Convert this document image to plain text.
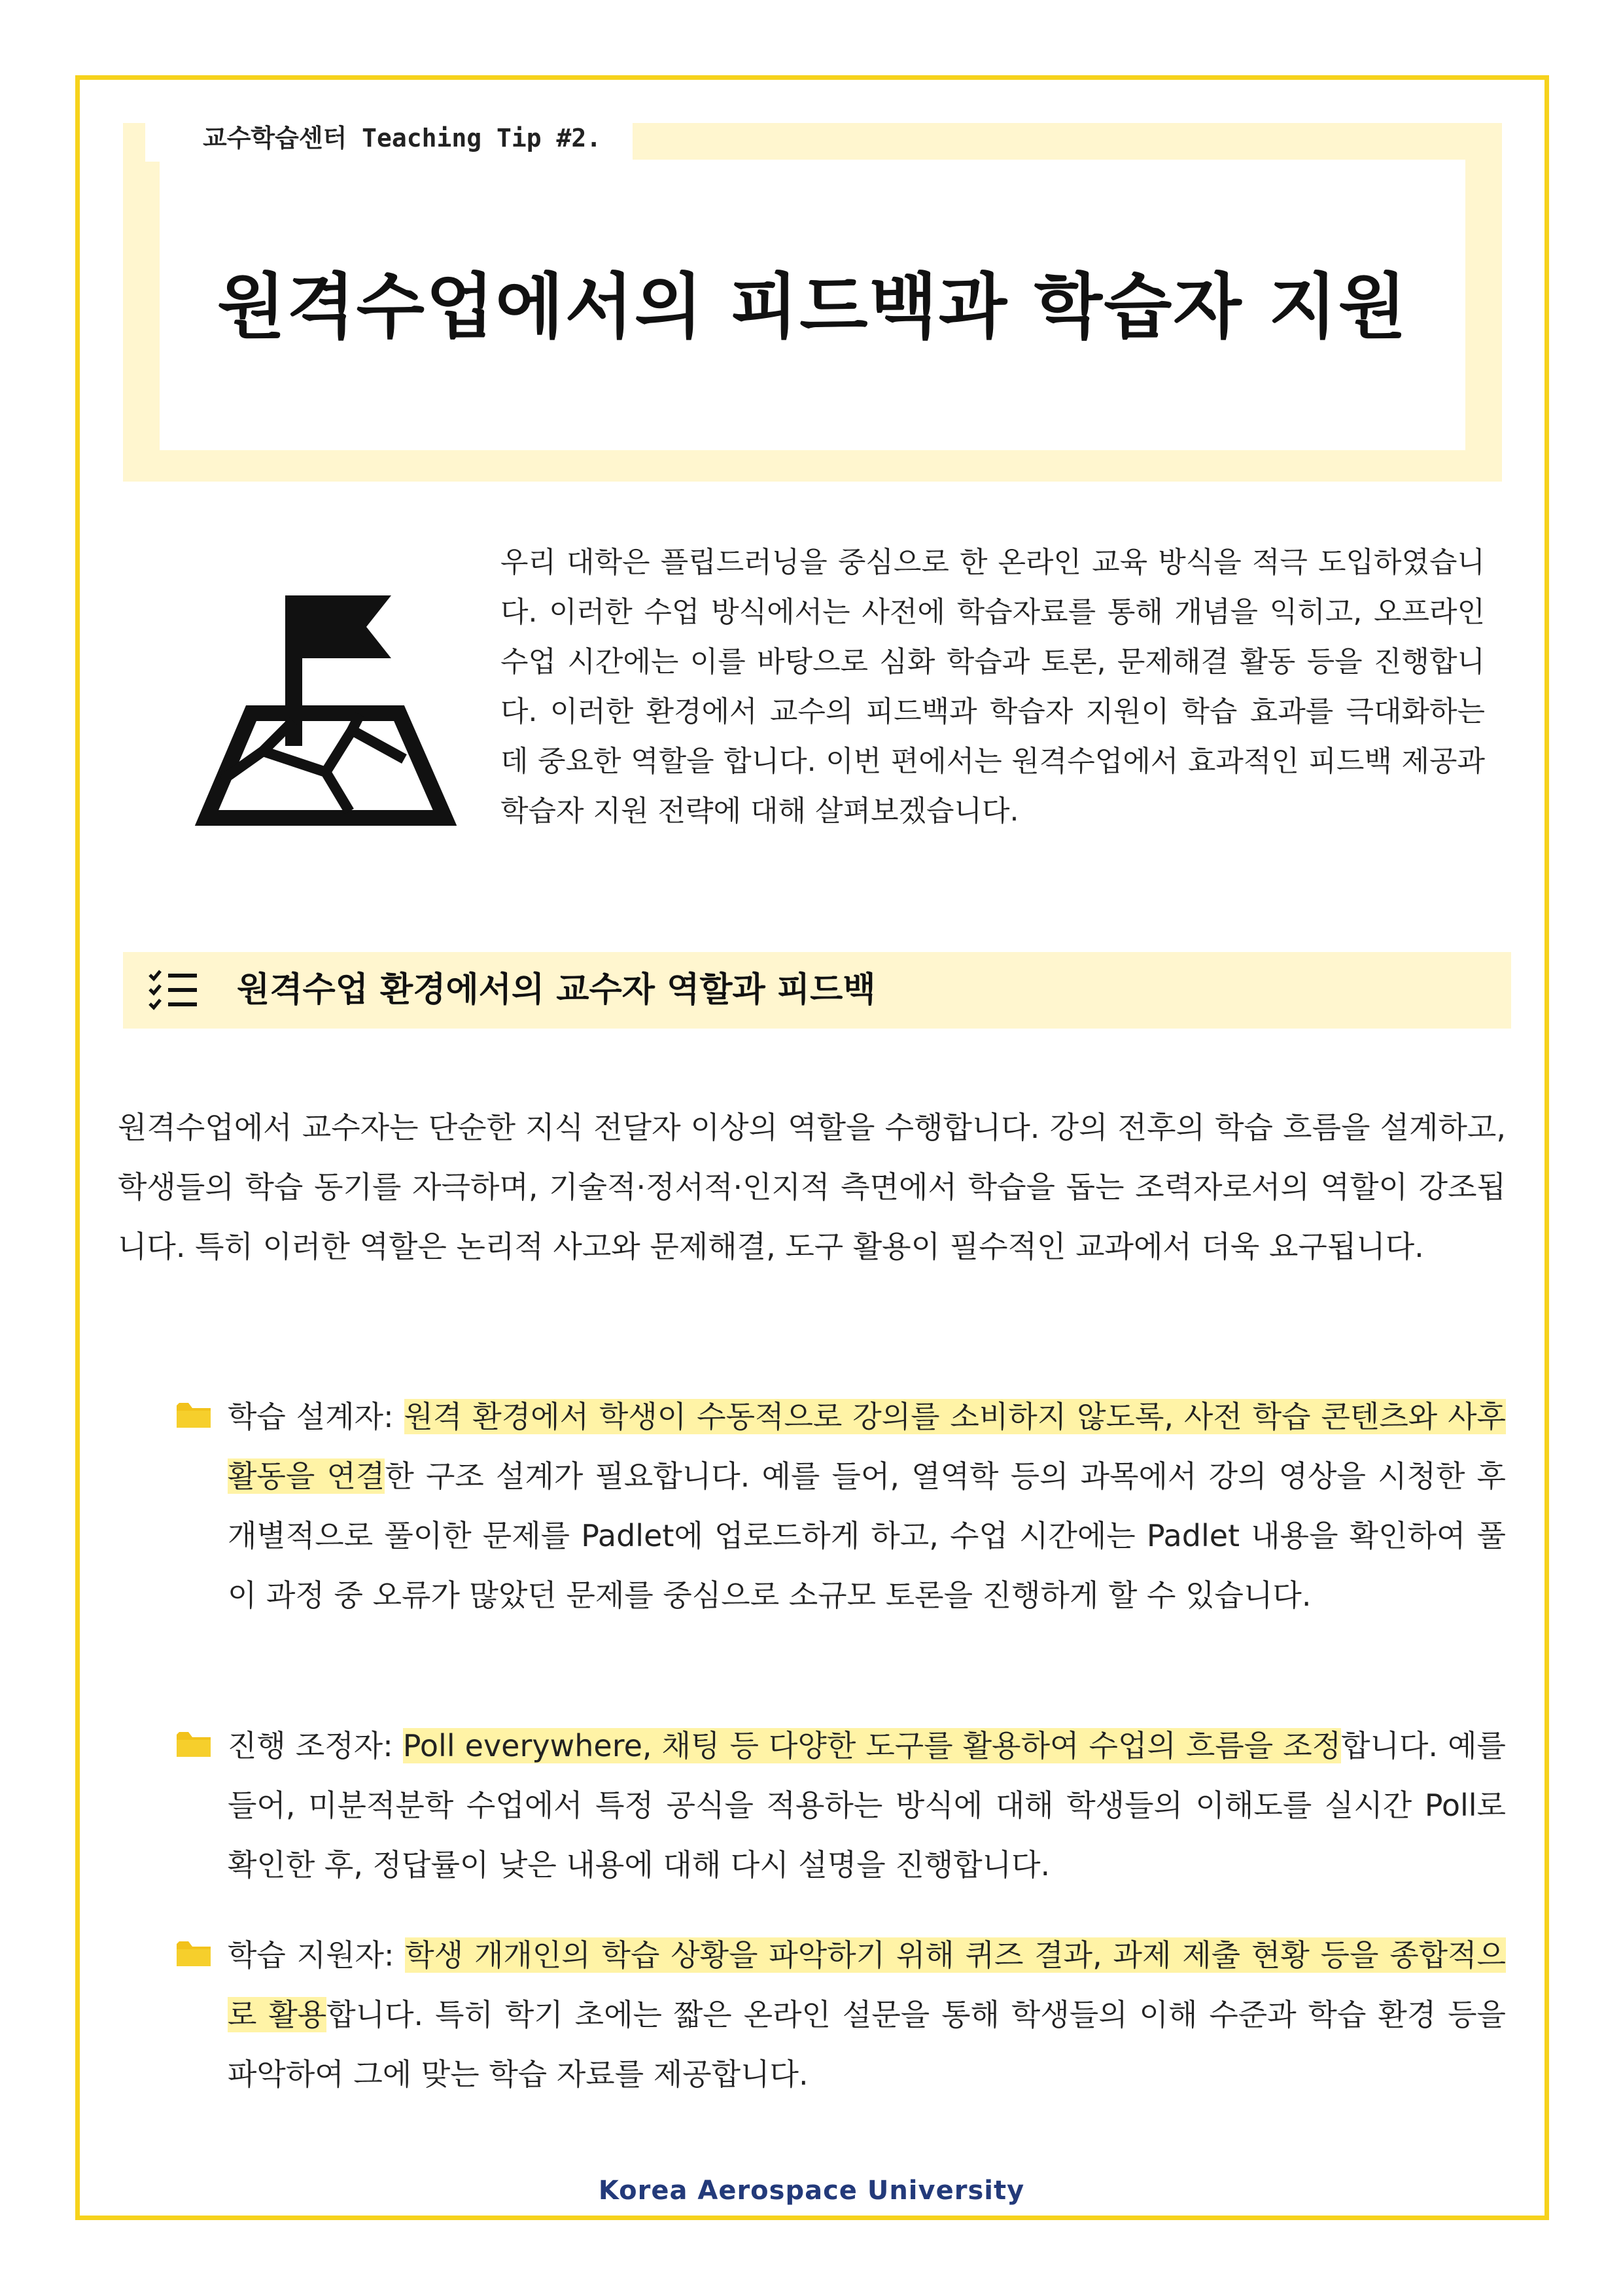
교수학습센터 Teaching Tip #2.
원격수업에서의 피드백과 학습자 지원
우리 대학은 플립드러닝을 중심으로 한 온라인 교육 방식을 적극 도입하였습니다. 이러한 수업 방식에서는 사전에 학습자료를 통해 개념을 익히고, 오프라인 수업 시간에는 이를 바탕으로 심화 학습과 토론, 문제해결 활동 등을 진행합니다. 이러한 환경에서 교수의 피드백과 학습자 지원이 학습 효과를 극대화하는 데 중요한 역할을 합니다. 이번 편에서는 원격수업에서 효과적인 피드백 제공과 학습자 지원 전략에 대해 살펴보겠습니다.
원격수업 환경에서의 교수자 역할과 피드백
원격수업에서 교수자는 단순한 지식 전달자 이상의 역할을 수행합니다. 강의 전후의 학습 흐름을 설계하고, 학생들의 학습 동기를 자극하며, 기술적·정서적·인지적 측면에서 학습을 돕는 조력자로서의 역할이 강조됩니다. 특히 이러한 역할은 논리적 사고와 문제해결, 도구 활용이 필수적인 교과에서 더욱 요구됩니다.
학습 설계자: 원격 환경에서 학생이 수동적으로 강의를 소비하지 않도록, 사전 학습 콘텐츠와 사후 활동을 연결한 구조 설계가 필요합니다. 예를 들어, 열역학 등의 과목에서 강의 영상을 시청한 후 개별적으로 풀이한 문제를 Padlet에 업로드하게 하고, 수업 시간에는 Padlet 내용을 확인하여 풀이 과정 중 오류가 많았던 문제를 중심으로 소규모 토론을 진행하게 할 수 있습니다.
진행 조정자: Poll everywhere, 채팅 등 다양한 도구를 활용하여 수업의 흐름을 조정합니다. 예를 들어, 미분적분학 수업에서 특정 공식을 적용하는 방식에 대해 학생들의 이해도를 실시간 Poll로 확인한 후, 정답률이 낮은 내용에 대해 다시 설명을 진행합니다.
학습 지원자: 학생 개개인의 학습 상황을 파악하기 위해 퀴즈 결과, 과제 제출 현황 등을 종합적으로 활용합니다. 특히 학기 초에는 짧은 온라인 설문을 통해 학생들의 이해 수준과 학습 환경 등을 파악하여 그에 맞는 학습 자료를 제공합니다.
Korea Aerospace University
